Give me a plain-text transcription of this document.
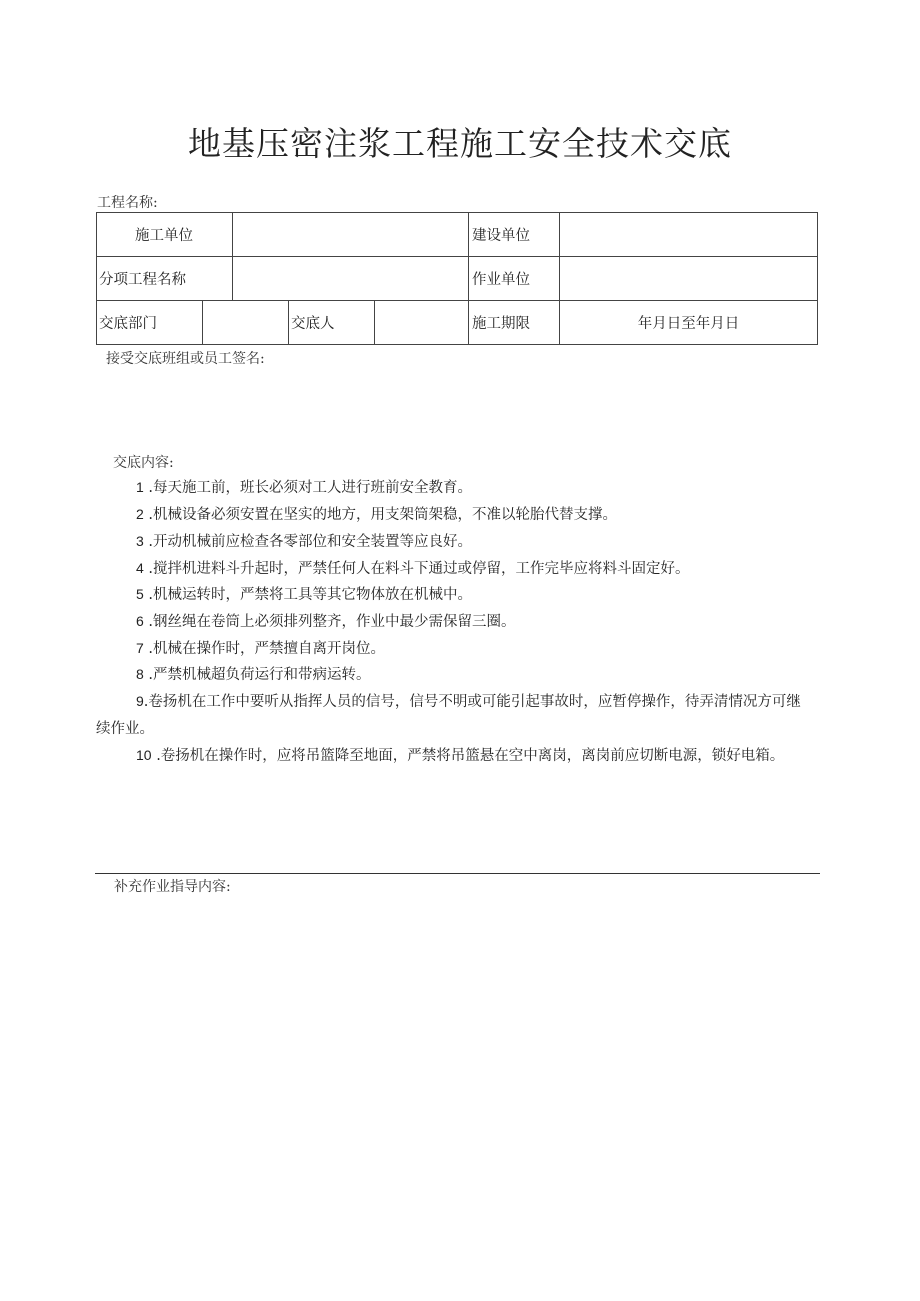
地基压密注浆工程施工安全技术交底
工程名称:
施工单位	建设单位
分项工程名称	作业单位
交底部门	交底人	施工期限	年月日至年月日
接受交底班组或员工签名:
交底内容:
1 .每天施工前，班长必须对工人进行班前安全教育。
2 .机械设备必须安置在坚实的地方，用支架筒架稳，不准以轮胎代替支撑。
3 .开动机械前应检查各零部位和安全装置等应良好。
4 .搅拌机进料斗升起时，严禁任何人在料斗下通过或停留，工作完毕应将料斗固定好。
5 .机械运转时，严禁将工具等其它物体放在机械中。
6 .钢丝绳在卷筒上必须排列整齐，作业中最少需保留三圈。
7 .机械在操作时，严禁擅自离开岗位。
8 .严禁机械超负荷运行和带病运转。
9.卷扬机在工作中要听从指挥人员的信号，信号不明或可能引起事故时，应暂停操作，待弄清情况方可继续作业。
10 .卷扬机在操作时，应将吊篮降至地面，严禁将吊篮悬在空中离岗，离岗前应切断电源，锁好电箱。
补充作业指导内容:
